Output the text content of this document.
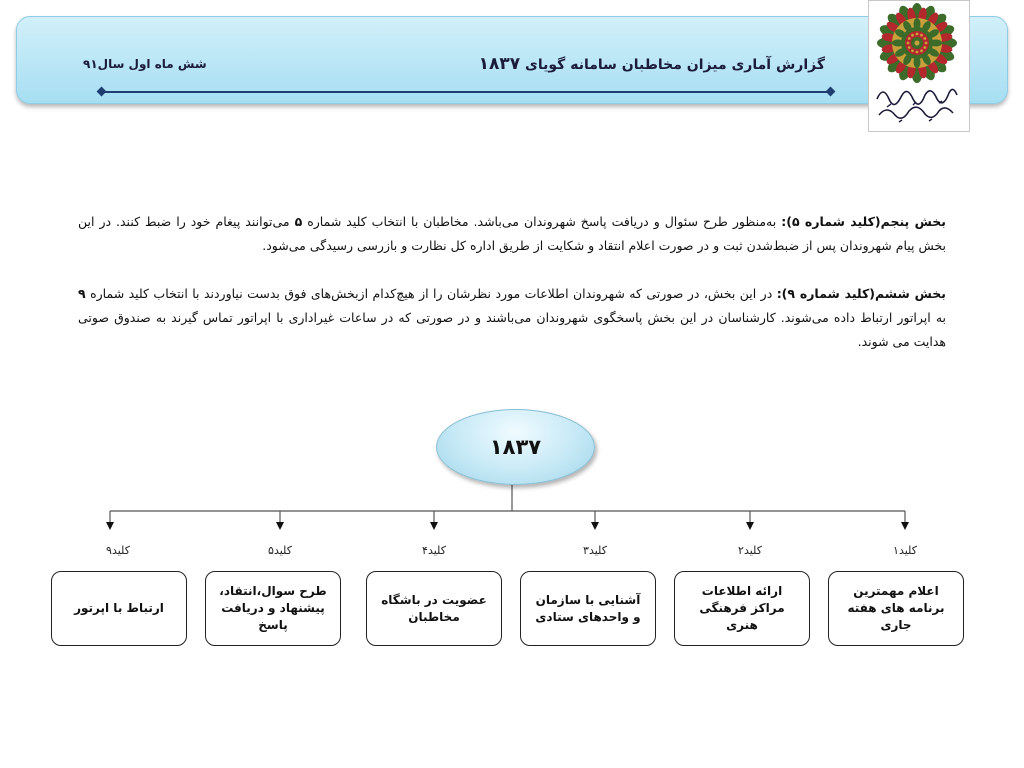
گزارش آماری میزان مخاطبان سامانه گویای ۱۸۳۷
شش ماه اول سال۹۱
بخش پنجم(کلید شماره ۵): به‌منظور طرح سئوال و دریافت پاسخ شهروندان می‌باشد. مخاطبان با انتخاب کلید شماره ۵ می‌توانند پیغام خود را ضبط کنند. در این بخش پیام شهروندان پس از ضبط‌شدن ثبت و در صورت اعلام انتقاد و شکایت از طریق اداره کل نظارت و بازرسی رسیدگی می‌شود.
بخش ششم(کلید شماره ۹): در این بخش، در صورتی که شهروندان اطلاعات مورد نظرشان را از هیچ‌کدام ازبخش‌های فوق بدست نیاوردند با انتخاب کلید شماره ۹ به اپراتور ارتباط داده می‌شوند. کارشناسان در این بخش پاسخگوی شهروندان می‌باشند و در صورتی که در ساعات غیراداری با اپراتور تماس گیرند به صندوق صوتی هدایت می شوند.
۱۸۳۷
کلید۱
کلید۲
کلید۳
کلید۴
کلید۵
کلید۹
اعلام مهمترین برنامه های هفته جاری
ارائه اطلاعات مراکز فرهنگی هنری
آشنایی با سازمان و واحدهای ستادی
عضویت در باشگاه مخاطبان
طرح سوال،انتقاد، پیشنهاد و دریافت پاسخ
ارتباط با اپرتور
